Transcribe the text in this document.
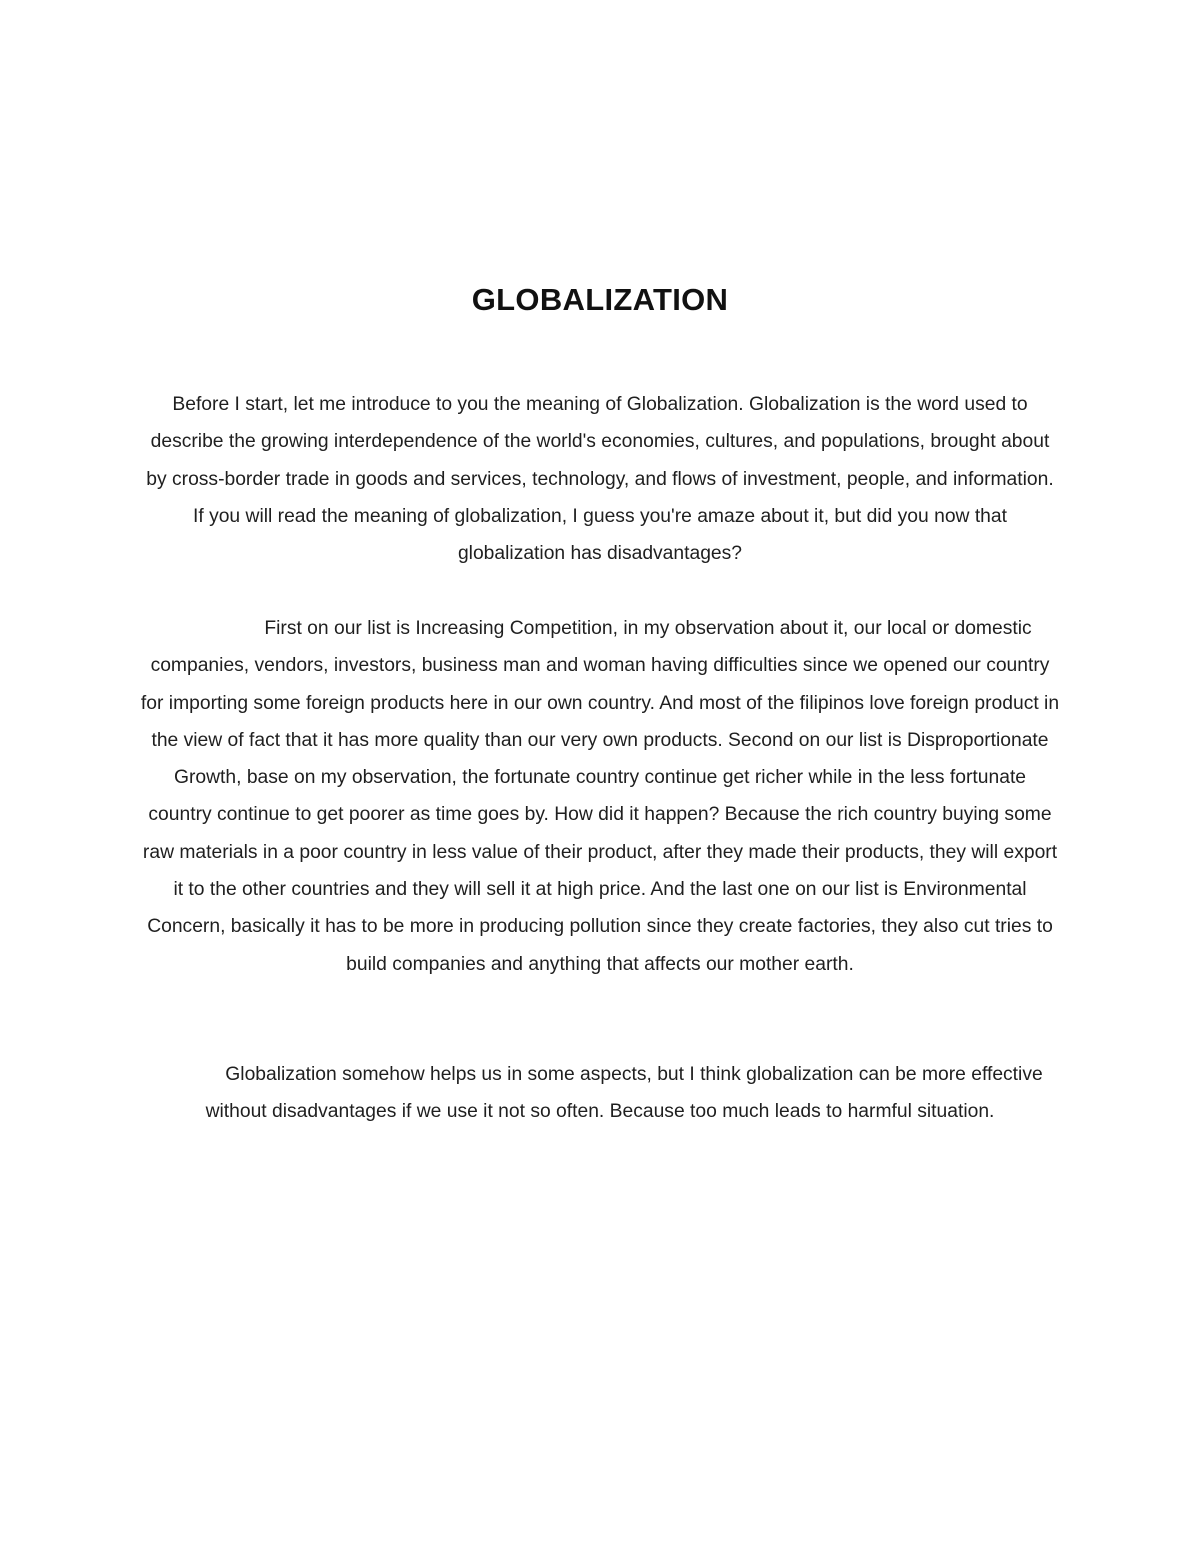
GLOBALIZATION

Before I start, let me introduce to you the meaning of Globalization. Globalization is the word used to describe the growing interdependence of the world's economies, cultures, and populations, brought about by cross-border trade in goods and services, technology, and flows of investment, people, and information. If you will read the meaning of globalization, I guess you're amaze about it, but did you now that globalization has disadvantages?

First on our list is Increasing Competition, in my observation about it, our local or domestic companies, vendors, investors, business man and woman having difficulties since we opened our country for importing some foreign products here in our own country. And most of the filipinos love foreign product in the view of fact that it has more quality than our very own products. Second on our list is Disproportionate Growth, base on my observation, the fortunate country continue get richer while in the less fortunate country continue to get poorer as time goes by. How did it happen? Because the rich country buying some raw materials in a poor country in less value of their product, after they made their products, they will export it to the other countries and they will sell it at high price. And the last one on our list is Environmental Concern, basically it has to be more in producing pollution since they create factories, they also cut tries to build companies and anything that affects our mother earth.

Globalization somehow helps us in some aspects, but I think globalization can be more effective without disadvantages if we use it not so often. Because too much leads to harmful situation.
